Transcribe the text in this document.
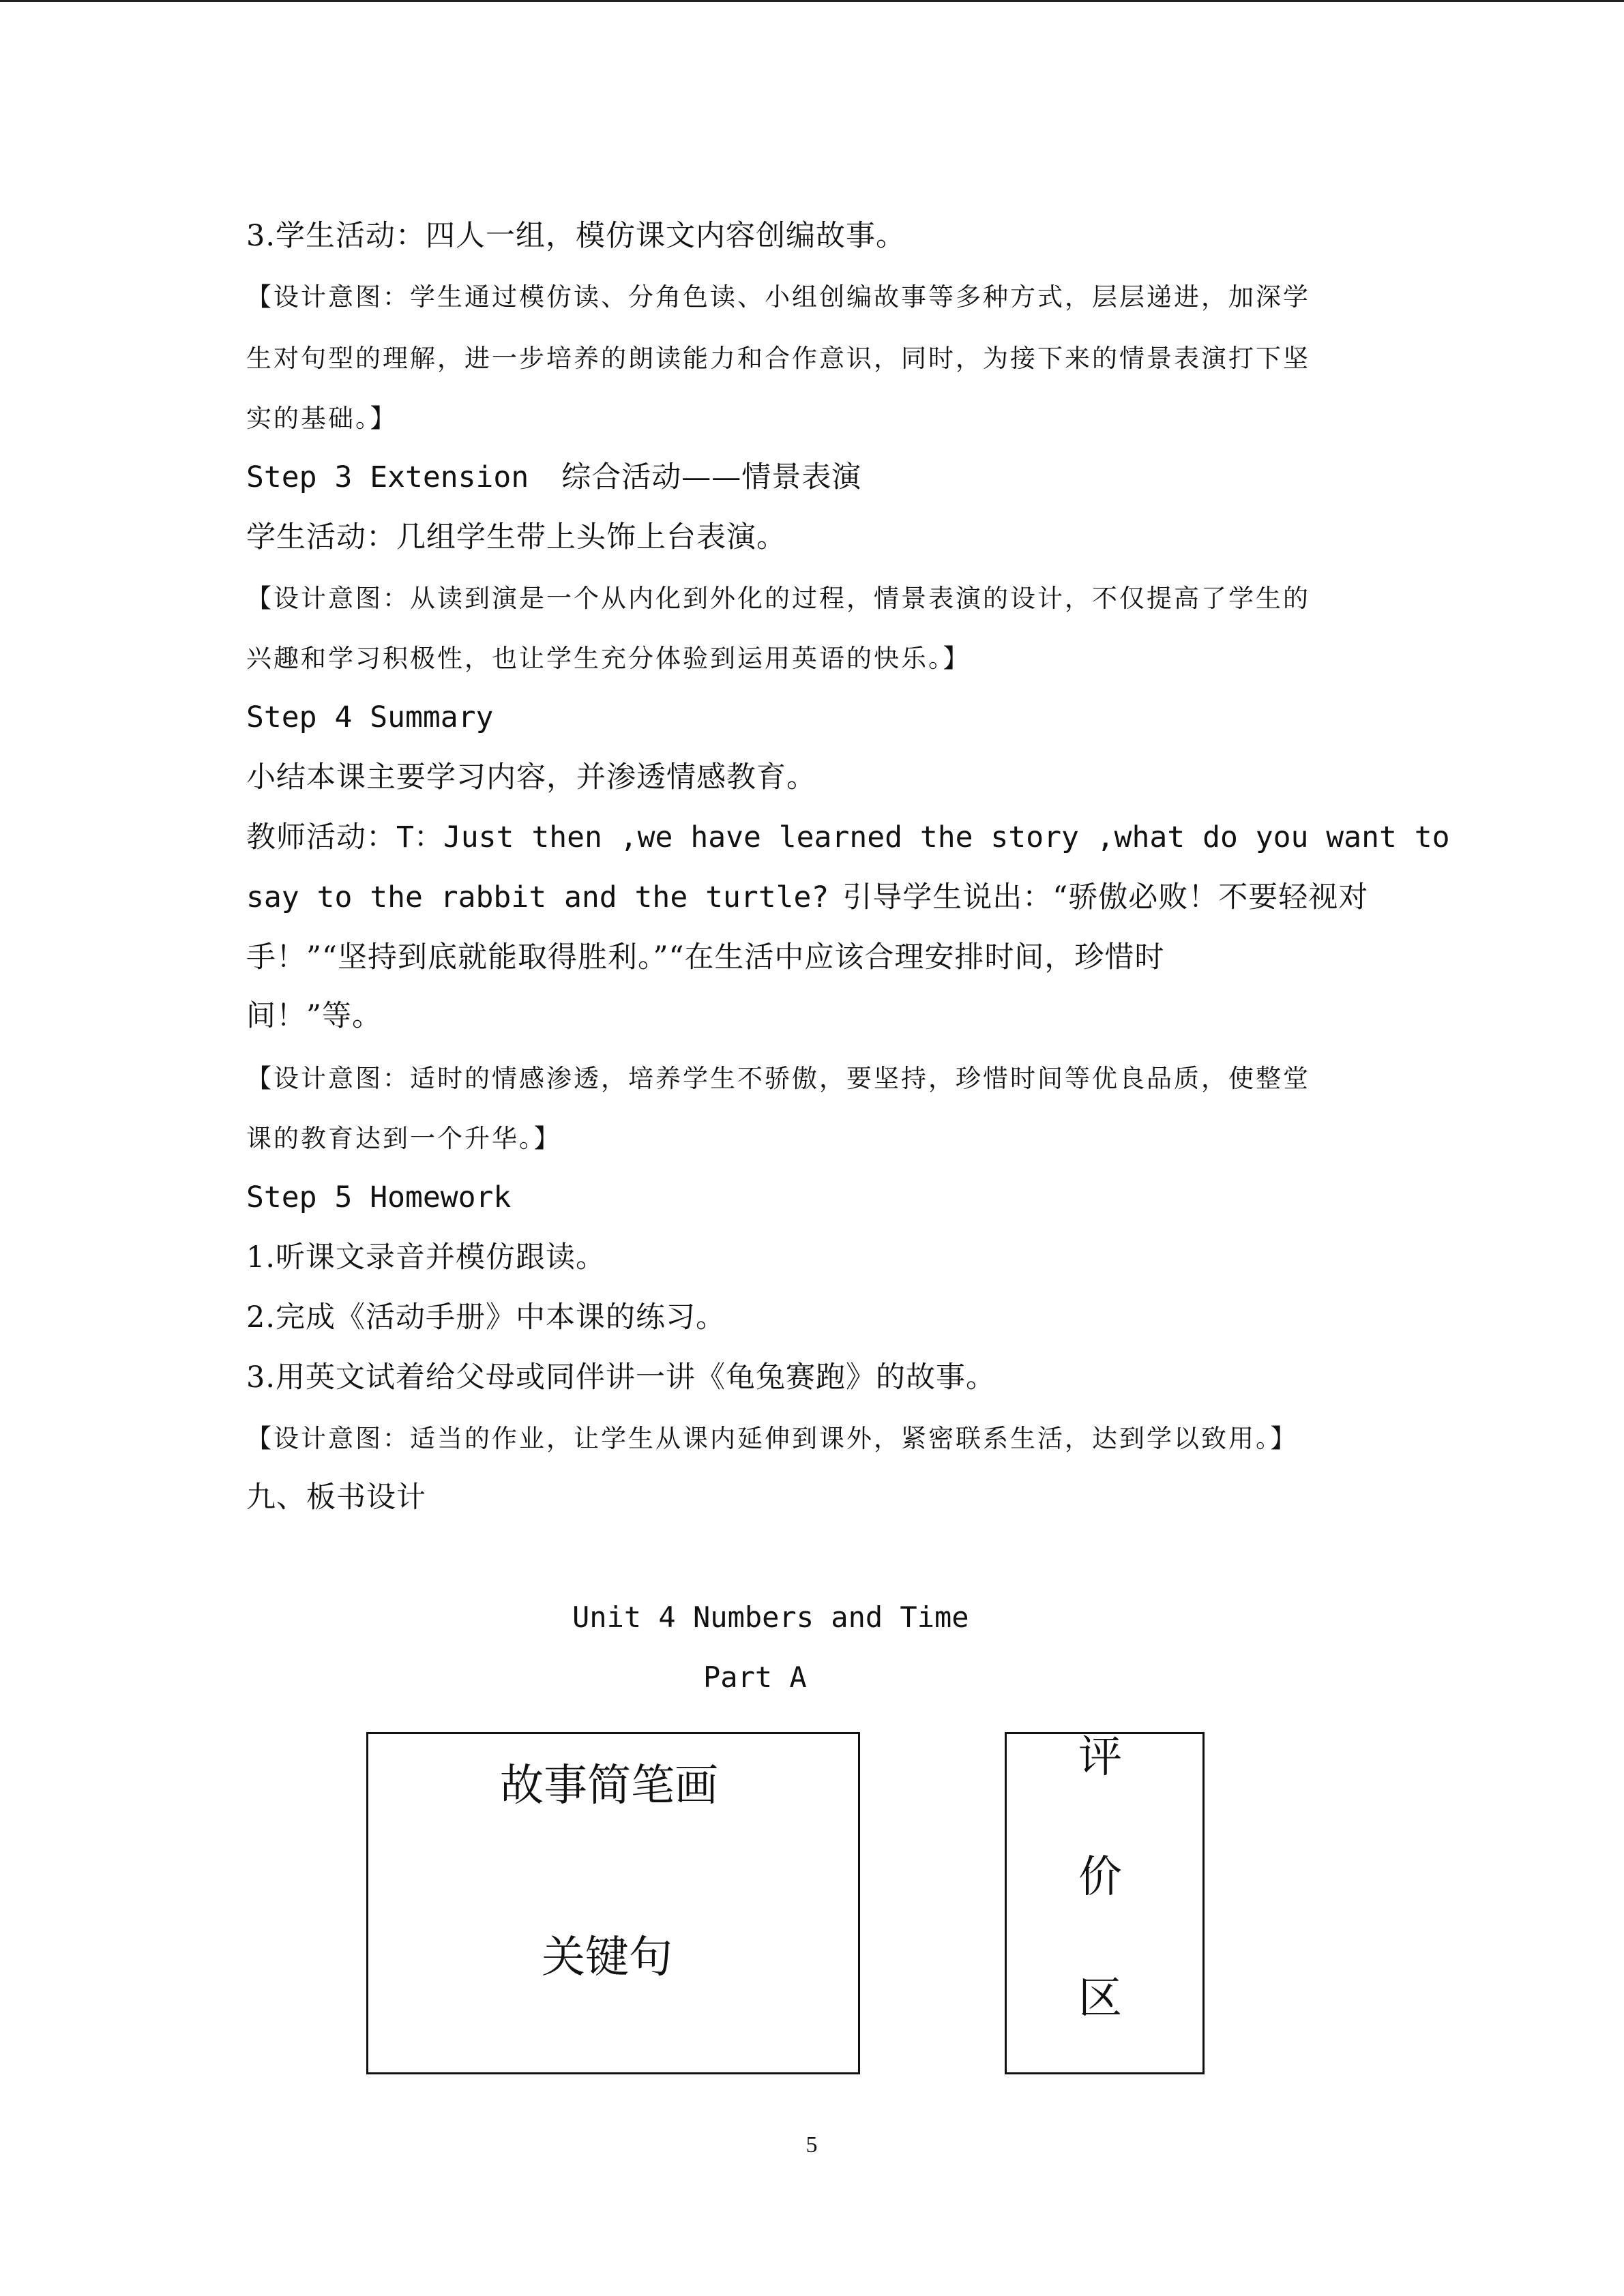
3.学生活动：四人一组，模仿课文内容创编故事。
【设计意图：学生通过模仿读、分角色读、小组创编故事等多种方式，层层递进，加深学
生对句型的理解，进一步培养的朗读能力和合作意识，同时，为接下来的情景表演打下坚
实的基础。】
Step 3 Extension 综合活动——情景表演
学生活动：几组学生带上头饰上台表演。
【设计意图：从读到演是一个从内化到外化的过程，情景表演的设计，不仅提高了学生的
兴趣和学习积极性，也让学生充分体验到运用英语的快乐。】
Step 4 Summary
小结本课主要学习内容，并渗透情感教育。
教师活动：T：Just then ,we have learned the story ,what do you want to
say to the rabbit and the turtle? 引导学生说出：“骄傲必败！不要轻视对
手！”“坚持到底就能取得胜利。”“在生活中应该合理安排时间，珍惜时
间！”等。
【设计意图：适时的情感渗透，培养学生不骄傲，要坚持，珍惜时间等优良品质，使整堂
课的教育达到一个升华。】
Step 5 Homework
1.听课文录音并模仿跟读。
2.完成《活动手册》中本课的练习。
3.用英文试着给父母或同伴讲一讲《龟兔赛跑》的故事。
【设计意图：适当的作业，让学生从课内延伸到课外，紧密联系生活，达到学以致用。】
九、板书设计
Unit 4 Numbers and Time
Part A
故事简笔画
关键句
评
价
区
5
